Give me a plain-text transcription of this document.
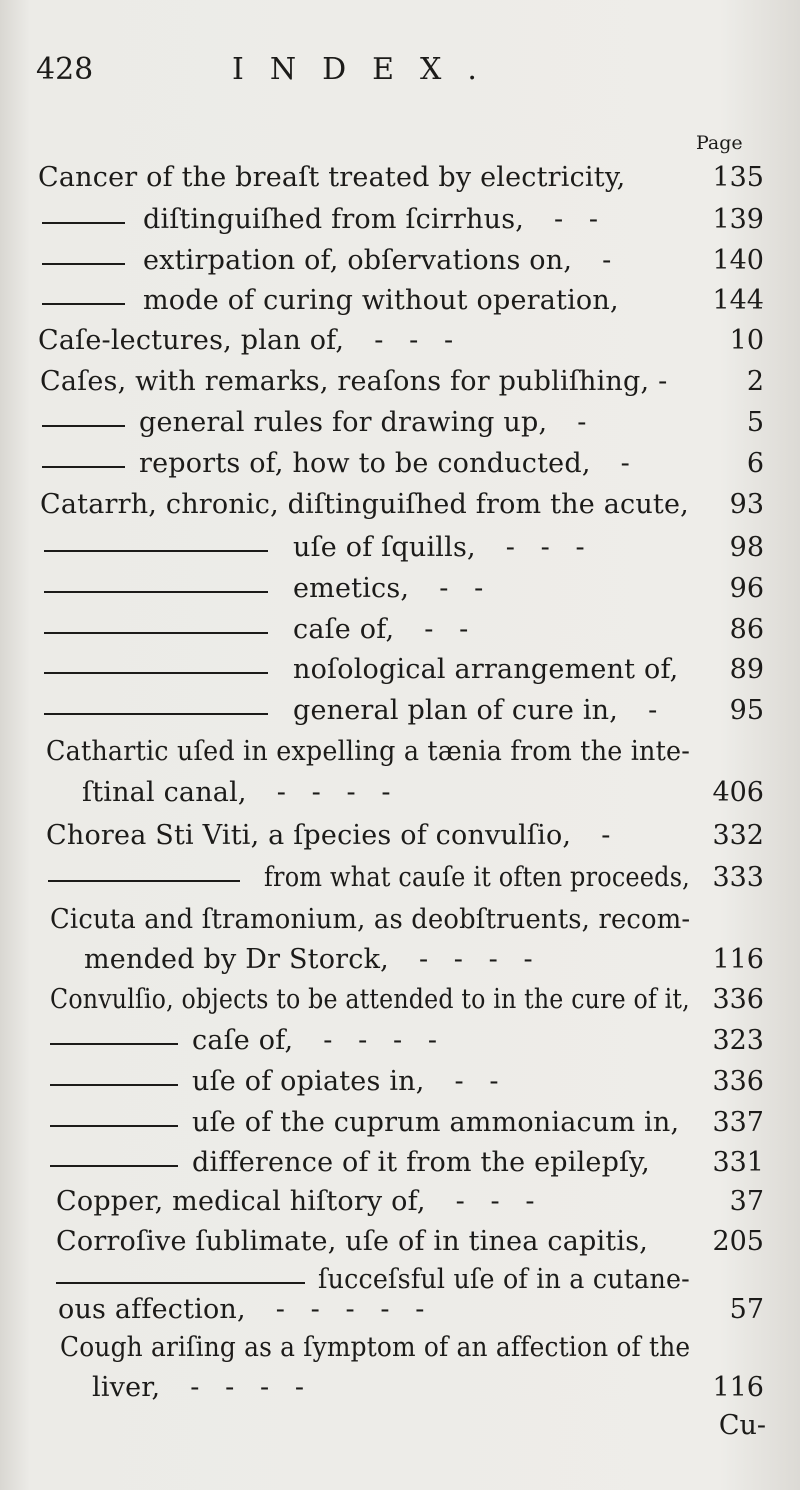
428	INDEX.
Page
Cancer of the breaſt treated by electricity,	135
diſtinguiſhed from ſcirrhus, -   -	139
extirpation of, obſervations on, -	140
mode of curing without operation,	144
Caſe-lectures, plan of, -   -   -	10
Caſes, with remarks, reaſons for publiſhing, -	2
general rules for drawing up, -	5
reports of, how to be conducted, -	6
Catarrh, chronic, diſtinguiſhed from the acute,	93
uſe of ſquills, -   -   -	98
emetics, -   -	96
caſe of, -   -	86
noſological arrangement of,	89
general plan of cure in, -	95
Cathartic uſed in expelling a tænia from the inte-
ſtinal canal, -   -   -   -	406
Chorea Sti Viti, a ſpecies of convulſio, -	332
from what cauſe it often proceeds, 333
Cicuta and ſtramonium, as deobſtruents, recom-
mended by Dr Storck, -   -   -   -	116
Convulſio, objects to be attended to in the cure of it, 336
caſe of, -   -   -   -	323
uſe of opiates in, -   -	336
uſe of the cuprum ammoniacum in,	337
difference of it from the epilepſy,	331
Copper, medical hiſtory of, -   -   -	37
Corroſive ſublimate, uſe of in tinea capitis,	205
ſucceſsful uſe of in a cutane-
ous affection, -   -   -   -   -	57
Cough ariſing as a ſymptom of an affection of the
liver, -   -   -   -	116
Cu-
